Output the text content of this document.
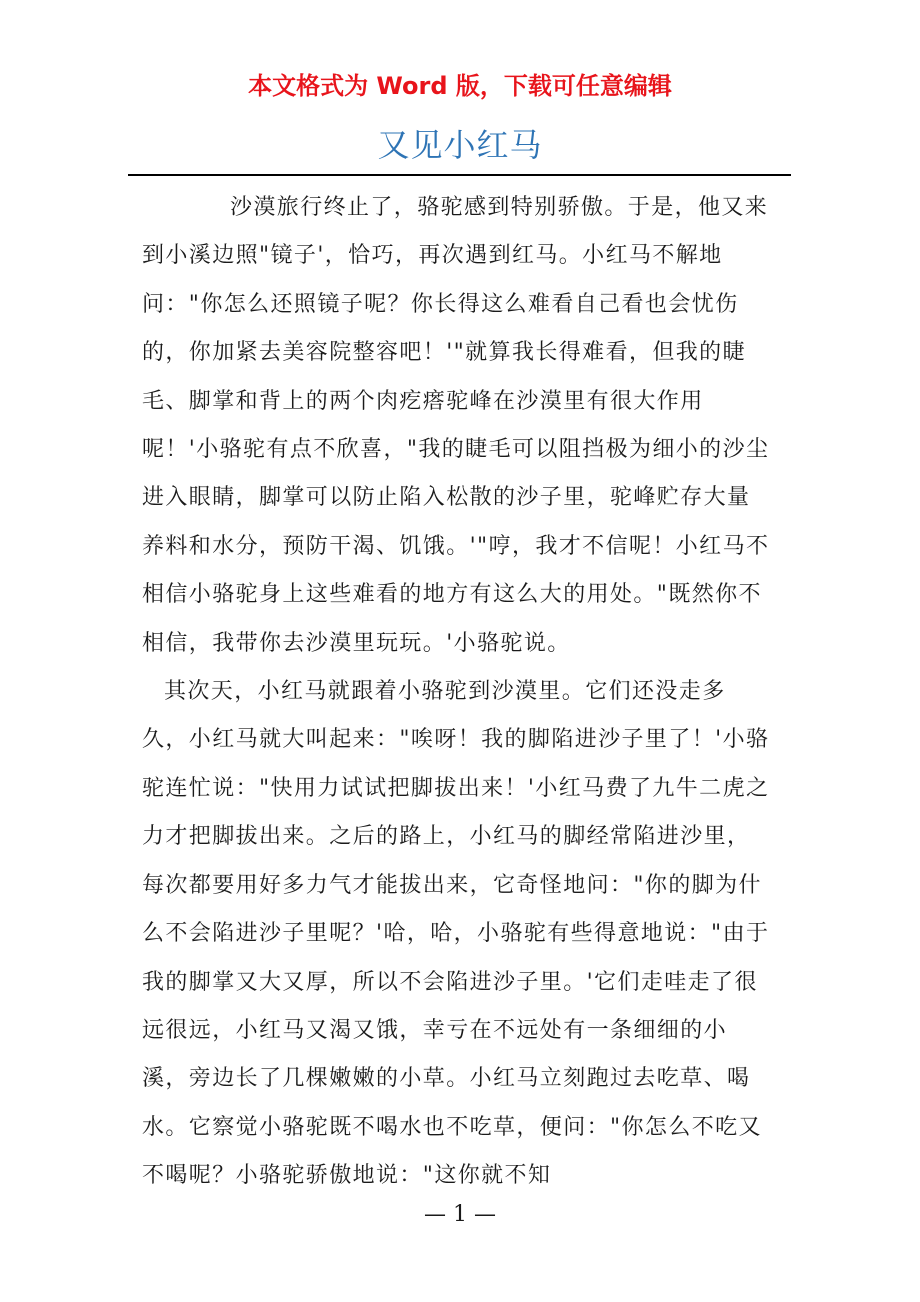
本文格式为 Word 版，下载可任意编辑
又见小红马

沙漠旅行终止了，骆驼感到特别骄傲。于是，他又来到小溪边照"镜子'，恰巧，再次遇到红马。小红马不解地问："你怎么还照镜子呢？你长得这么难看自己看也会忧伤的，你加紧去美容院整容吧！'"就算我长得难看，但我的睫毛、脚掌和背上的两个肉疙瘩驼峰在沙漠里有很大作用呢！'小骆驼有点不欣喜，"我的睫毛可以阻挡极为细小的沙尘进入眼睛，脚掌可以防止陷入松散的沙子里，驼峰贮存大量养料和水分，预防干渴、饥饿。'"哼，我才不信呢！小红马不相信小骆驼身上这些难看的地方有这么大的用处。"既然你不相信，我带你去沙漠里玩玩。'小骆驼说。

其次天，小红马就跟着小骆驼到沙漠里。它们还没走多久，小红马就大叫起来："唉呀！我的脚陷进沙子里了！'小骆驼连忙说："快用力试试把脚拔出来！'小红马费了九牛二虎之力才把脚拔出来。之后的路上，小红马的脚经常陷进沙里，每次都要用好多力气才能拔出来，它奇怪地问："你的脚为什么不会陷进沙子里呢？'哈，哈，小骆驼有些得意地说："由于我的脚掌又大又厚，所以不会陷进沙子里。'它们走哇走了很远很远，小红马又渴又饿，幸亏在不远处有一条细细的小溪，旁边长了几棵嫩嫩的小草。小红马立刻跑过去吃草、喝水。它察觉小骆驼既不喝水也不吃草，便问："你怎么不吃又不喝呢？小骆驼骄傲地说："这你就不知

— 1 —
